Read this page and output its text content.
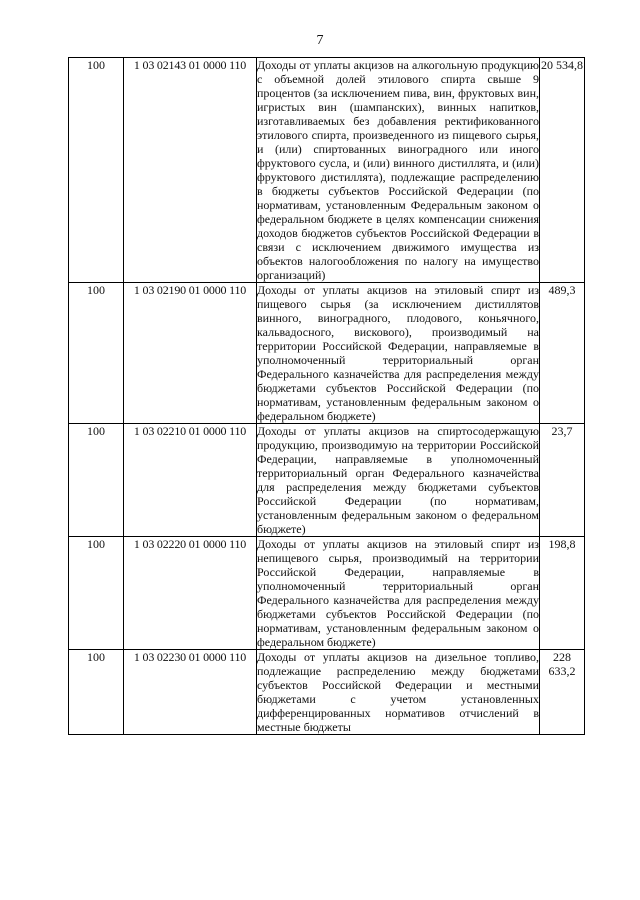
7
100	1 03 02143 01 0000 110	Доходы от уплаты акцизов на алкогольную продукцию с объемной долей этилового спирта свыше 9 процентов (за исключением пива, вин, фруктовых вин, игристых вин (шампанских), винных напитков, изготавливаемых без добавления ректификованного этилового спирта, произведенного из пищевого сырья, и (или) спиртованных виноградного или иного фруктового сусла, и (или) винного дистиллята, и (или) фруктового дистиллята), подлежащие распределению в бюджеты субъектов Российской Федерации (по нормативам, установленным Федеральным законом о федеральном бюджете в целях компенсации снижения доходов бюджетов субъектов Российской Федерации в связи с исключением движимого имущества из объектов налогообложения по налогу на имущество организаций)	20 534,8
100	1 03 02190 01 0000 110	Доходы от уплаты акцизов на этиловый спирт из пищевого сырья (за исключением дистиллятов винного, виноградного, плодового, коньячного, кальвадосного, вискового), производимый на территории Российской Федерации, направляемые в уполномоченный территориальный орган Федерального казначейства для распределения между бюджетами субъектов Российской Федерации (по нормативам, установленным федеральным законом о федеральном бюджете)	489,3
100	1 03 02210 01 0000 110	Доходы от уплаты акцизов на спиртосодержащую продукцию, производимую на территории Российской Федерации, направляемые в уполномоченный территориальный орган Федерального казначейства для распределения между бюджетами субъектов Российской Федерации (по нормативам, установленным федеральным законом о федеральном бюджете)	23,7
100	1 03 02220 01 0000 110	Доходы от уплаты акцизов на этиловый спирт из непищевого сырья, производимый на территории Российской Федерации, направляемые в уполномоченный территориальный орган Федерального казначейства для распределения между бюджетами субъектов Российской Федерации (по нормативам, установленным федеральным законом о федеральном бюджете)	198,8
100	1 03 02230 01 0000 110	Доходы от уплаты акцизов на дизельное топливо, подлежащие распределению между бюджетами субъектов Российской Федерации и местными бюджетами с учетом установленных дифференцированных нормативов отчислений в местные бюджеты	228 633,2
